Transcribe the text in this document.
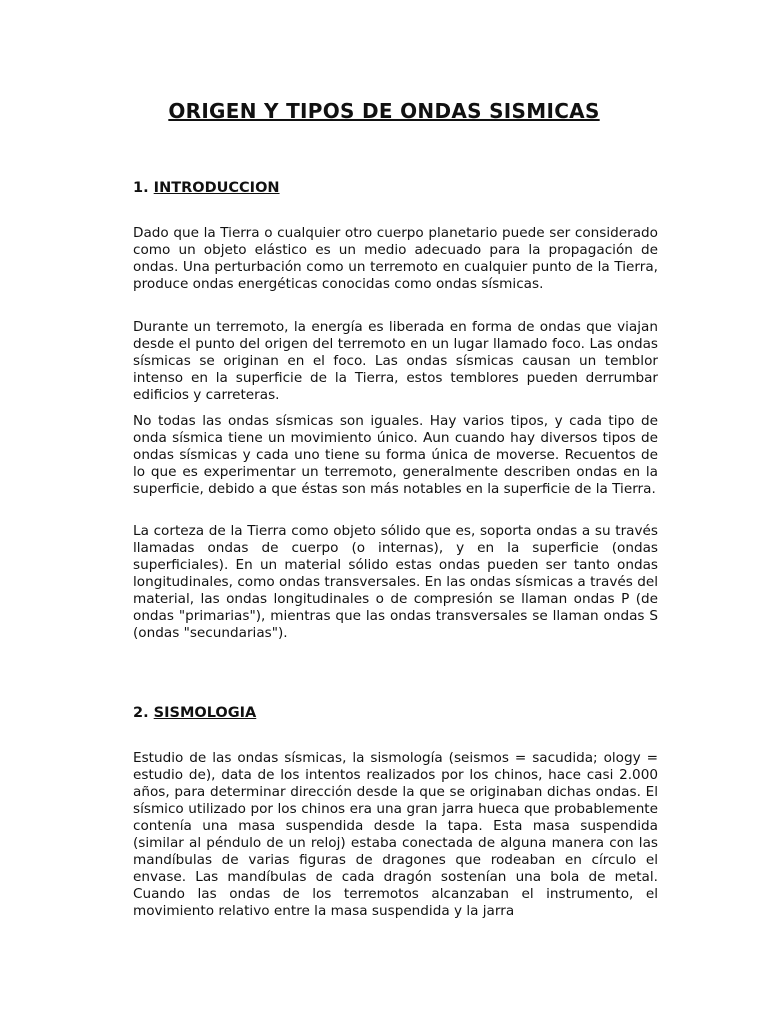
ORIGEN Y TIPOS DE ONDAS SISMICAS
1. INTRODUCCION

Dado que la Tierra o cualquier otro cuerpo planetario puede ser considerado como un objeto elástico es un medio adecuado para la propagación de ondas. Una perturbación como un terremoto en cualquier punto de la Tierra, produce ondas energéticas conocidas como ondas sísmicas.

Durante un terremoto, la energía es liberada en forma de ondas que viajan desde el punto del origen del terremoto en un lugar llamado foco. Las ondas sísmicas se originan en el foco. Las ondas sísmicas causan un temblor intenso en la superficie de la Tierra, estos temblores pueden derrumbar edificios y carreteras.

No todas las ondas sísmicas son iguales. Hay varios tipos, y cada tipo de onda sísmica tiene un movimiento único. Aun cuando hay diversos tipos de ondas sísmicas y cada uno tiene su forma única de moverse. Recuentos de lo que es experimentar un terremoto, generalmente describen ondas en la superficie, debido a que éstas son más notables en la superficie de la Tierra.

La corteza de la Tierra como objeto sólido que es, soporta ondas a su través llamadas ondas de cuerpo (o internas), y en la superficie (ondas superficiales). En un material sólido estas ondas pueden ser tanto ondas longitudinales, como ondas transversales. En las ondas sísmicas a través del material, las ondas longitudinales o de compresión se llaman ondas P (de ondas "primarias"), mientras que las ondas transversales se llaman ondas S (ondas "secundarias").

2. SISMOLOGIA

Estudio de las ondas sísmicas, la sismología (seismos = sacudida; ology = estudio de), data de los intentos realizados por los chinos, hace casi 2.000 años, para determinar dirección desde la que se originaban dichas ondas. El sísmico utilizado por los chinos era una gran jarra hueca que probablemente contenía una masa suspendida desde la tapa. Esta masa suspendida (similar al péndulo de un reloj) estaba conectada de alguna manera con las mandíbulas de varias figuras de dragones que rodeaban en círculo el envase. Las mandíbulas de cada dragón sostenían una bola de metal. Cuando las ondas de los terremotos alcanzaban el instrumento, el movimiento relativo entre la masa suspendida y la jarra
